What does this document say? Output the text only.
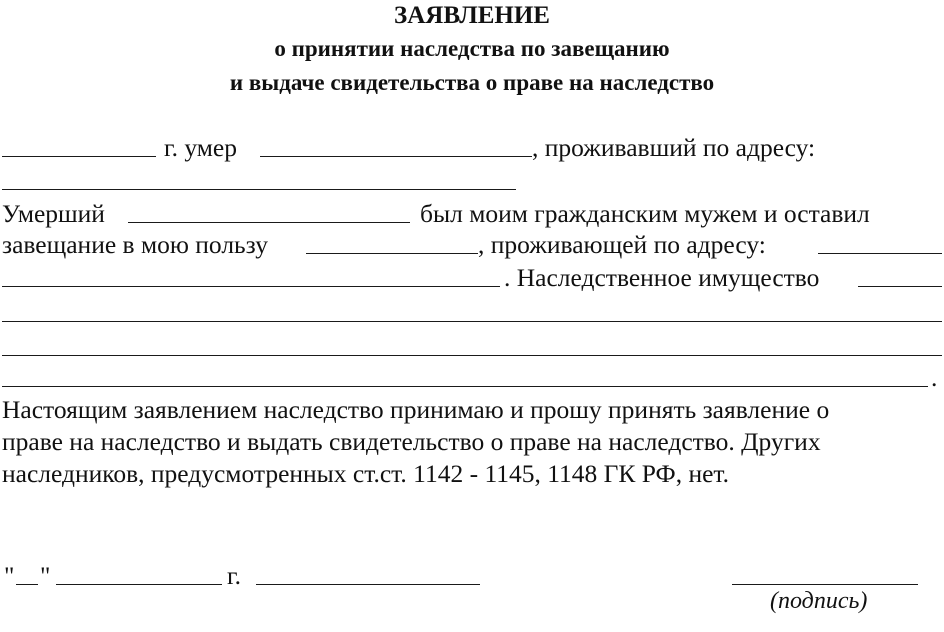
ЗАЯВЛЕНИЕ
о принятии наследства по завещанию
и выдаче свидетельства о праве на наследство
г. умер	, проживавший по адресу:
Умерший	был моим гражданским мужем и оставил
завещание в мою пользу	, проживающей по адресу:
. Наследственное имущество
.
Настоящим заявлением наследство принимаю и прошу принять заявление о
праве на наследство и выдать свидетельство о праве на наследство. Других
наследников, предусмотренных ст.ст. 1142 - 1145, 1148 ГК РФ, нет.
" "	г.
(подпись)
